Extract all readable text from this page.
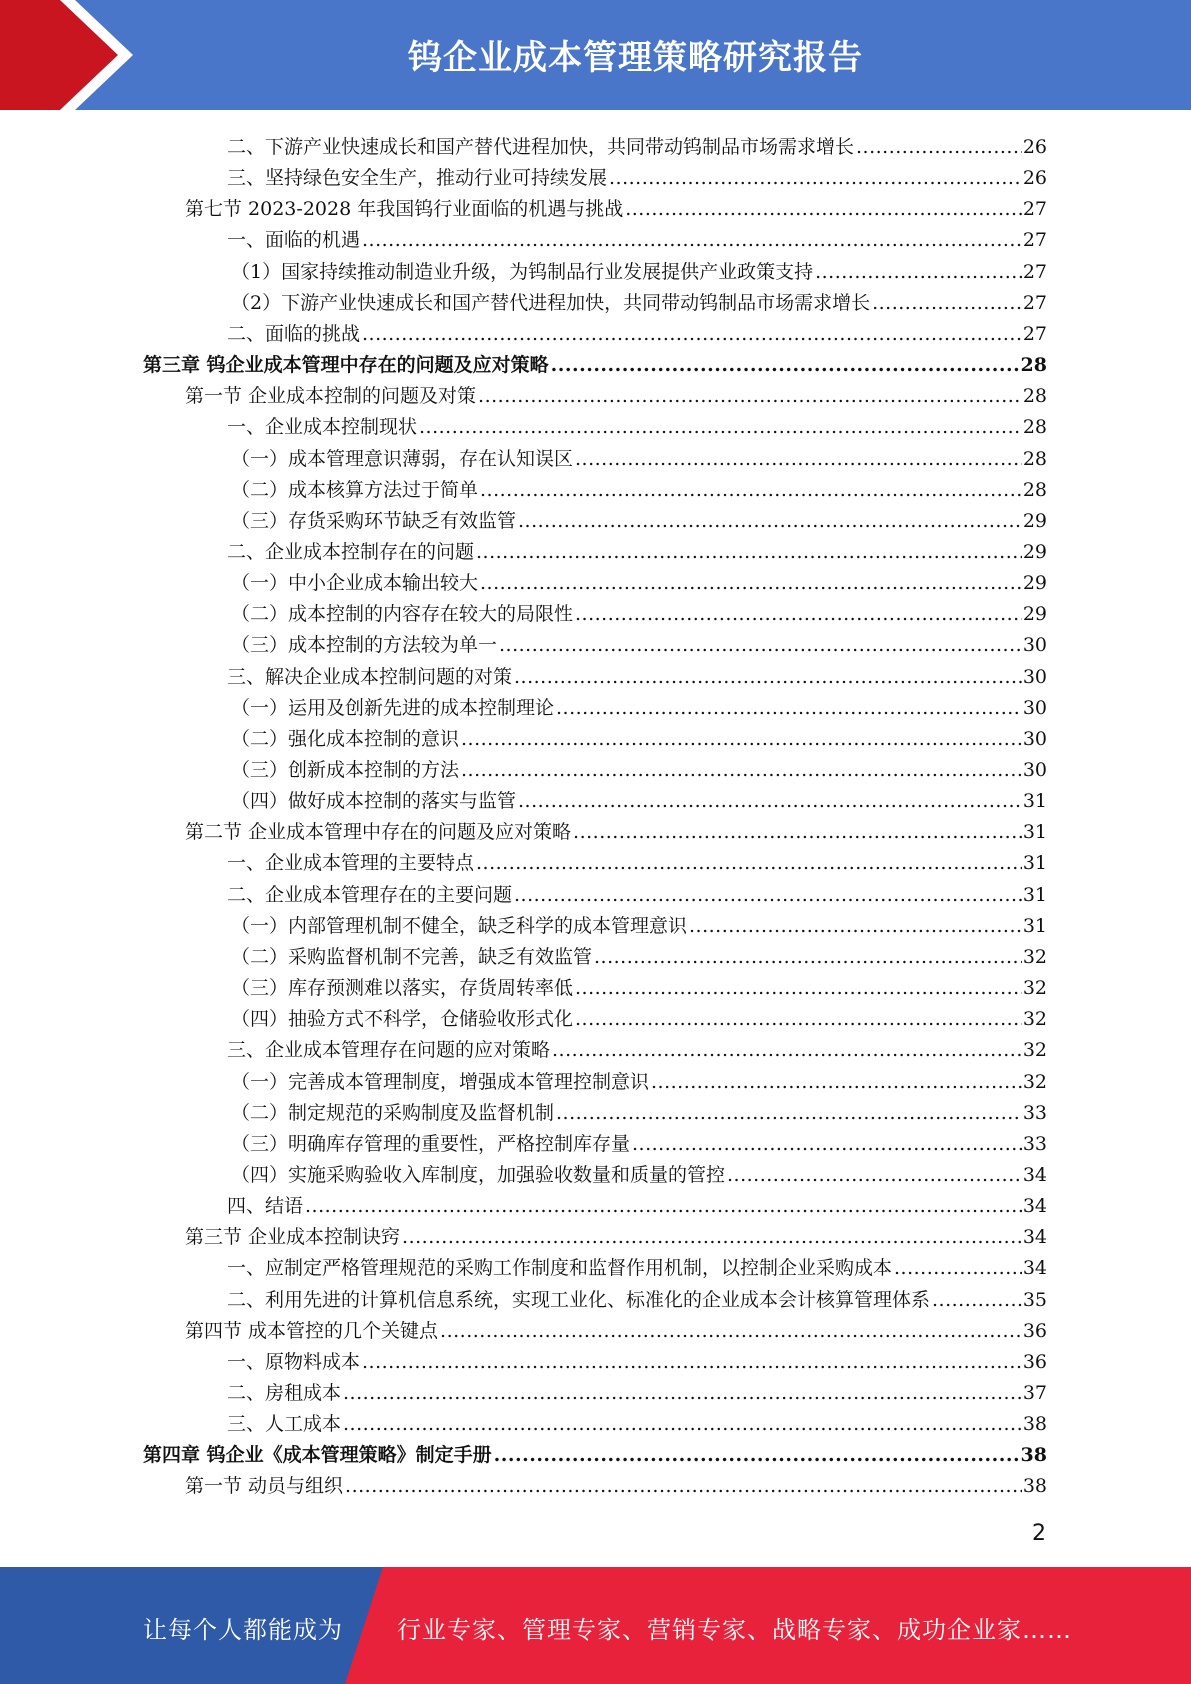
钨企业成本管理策略研究报告
二、下游产业快速成长和国产替代进程加快，共同带动钨制品市场需求增长 .....	26
三、坚持绿色安全生产，推动行业可持续发展 .....	26
第七节 2023-2028 年我国钨行业面临的机遇与挑战 .....	27
一、面临的机遇 .....	27
（1）国家持续推动制造业升级，为钨制品行业发展提供产业政策支持 .....	27
（2）下游产业快速成长和国产替代进程加快，共同带动钨制品市场需求增长 .....	27
二、面临的挑战 .....	27
第三章 钨企业成本管理中存在的问题及应对策略 .....	28
第一节 企业成本控制的问题及对策 .....	28
一、企业成本控制现状 .....	28
（一）成本管理意识薄弱，存在认知误区 .....	28
（二）成本核算方法过于简单 .....	28
（三）存货采购环节缺乏有效监管 .....	29
二、企业成本控制存在的问题 .....	29
（一）中小企业成本输出较大 .....	29
（二）成本控制的内容存在较大的局限性 .....	29
（三）成本控制的方法较为单一 .....	30
三、解决企业成本控制问题的对策 .....	30
（一）运用及创新先进的成本控制理论 .....	30
（二）强化成本控制的意识 .....	30
（三）创新成本控制的方法 .....	30
（四）做好成本控制的落实与监管 .....	31
第二节 企业成本管理中存在的问题及应对策略 .....	31
一、企业成本管理的主要特点 .....	31
二、企业成本管理存在的主要问题 .....	31
（一）内部管理机制不健全，缺乏科学的成本管理意识 .....	31
（二）采购监督机制不完善，缺乏有效监管 .....	32
（三）库存预测难以落实，存货周转率低 .....	32
（四）抽验方式不科学，仓储验收形式化 .....	32
三、企业成本管理存在问题的应对策略 .....	32
（一）完善成本管理制度，增强成本管理控制意识 .....	32
（二）制定规范的采购制度及监督机制 .....	33
（三）明确库存管理的重要性，严格控制库存量 .....	33
（四）实施采购验收入库制度，加强验收数量和质量的管控 .....	34
四、结语 .....	34
第三节 企业成本控制诀窍 .....	34
一、应制定严格管理规范的采购工作制度和监督作用机制，以控制企业采购成本 .....	34
二、利用先进的计算机信息系统，实现工业化、标准化的企业成本会计核算管理体系 .....	35
第四节 成本管控的几个关键点 .....	36
一、原物料成本 .....	36
二、房租成本 .....	37
三、人工成本 .....	38
第四章 钨企业《成本管理策略》制定手册 .....	38
第一节 动员与组织 .....	38
2
让每个人都能成为 行业专家、管理专家、营销专家、战略专家、成功企业家……
